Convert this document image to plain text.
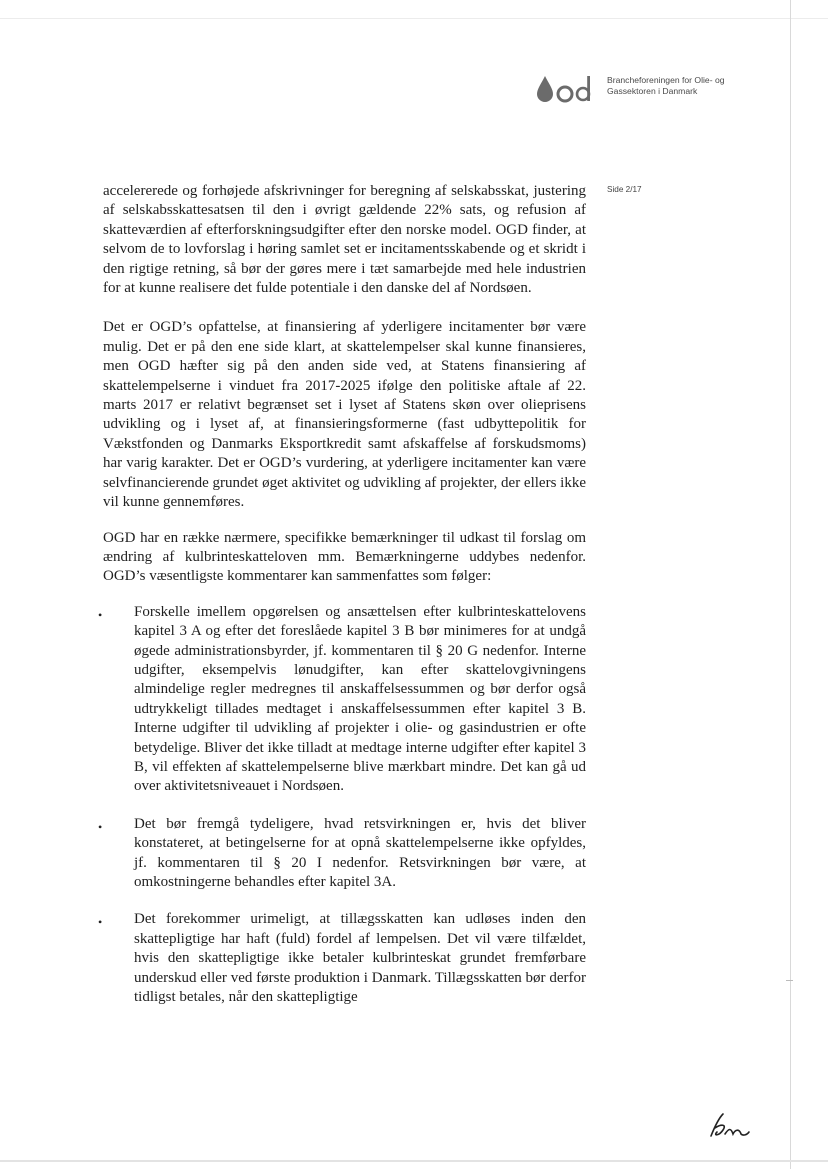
Brancheforeningen for Olie- og
Gassektoren i Danmark
Side 2/17

accelererede og forhøjede afskrivninger for beregning af selskabsskat, justering af selskabsskattesatsen til den i øvrigt gældende 22% sats, og refusion af skatteværdien af efterforskningsudgifter efter den norske model. OGD finder, at selvom de to lovforslag i høring samlet set er incitamentsskabende og et skridt i den rigtige retning, så bør der gøres mere i tæt samarbejde med hele industrien for at kunne realisere det fulde potentiale i den danske del af Nordsøen.

Det er OGD’s opfattelse, at finansiering af yderligere incitamenter bør være mulig. Det er på den ene side klart, at skattelempelser skal kunne finansieres, men OGD hæfter sig på den anden side ved, at Statens finansiering af skattelempelserne i vinduet fra 2017-2025 ifølge den politiske aftale af 22. marts 2017 er relativt begrænset set i lyset af Statens skøn over olieprisens udvikling og i lyset af, at finansieringsformerne (fast udbyttepolitik for Vækstfonden og Danmarks Eksportkredit samt afskaffelse af forskudsmoms) har varig karakter. Det er OGD’s vurdering, at yderligere incitamenter kan være selvfinancierende grundet øget aktivitet og udvikling af projekter, der ellers ikke vil kunne gennemføres.

OGD har en række nærmere, specifikke bemærkninger til udkast til forslag om ændring af kulbrinteskatteloven mm. Bemærkningerne uddybes nedenfor. OGD’s væsentligste kommentarer kan sammenfattes som følger:

• Forskelle imellem opgørelsen og ansættelsen efter kulbrinteskattelovens kapitel 3 A og efter det foreslåede kapitel 3 B bør minimeres for at undgå øgede administrationsbyrder, jf. kommentaren til § 20 G nedenfor. Interne udgifter, eksempelvis lønudgifter, kan efter skattelovgivningens almindelige regler medregnes til anskaffelsessummen og bør derfor også udtrykkeligt tillades medtaget i anskaffelsessummen efter kapitel 3 B. Interne udgifter til udvikling af projekter i olie- og gasindustrien er ofte betydelige. Bliver det ikke tilladt at medtage interne udgifter efter kapitel 3 B, vil effekten af skattelempelserne blive mærkbart mindre. Det kan gå ud over aktivitetsniveauet i Nordsøen.
• Det bør fremgå tydeligere, hvad retsvirkningen er, hvis det bliver konstateret, at betingelserne for at opnå skattelempelserne ikke opfyldes, jf. kommentaren til § 20 I nedenfor. Retsvirkningen bør være, at omkostningerne behandles efter kapitel 3A.
• Det forekommer urimeligt, at tillægsskatten kan udløses inden den skattepligtige har haft (fuld) fordel af lempelsen. Det vil være tilfældet, hvis den skattepligtige ikke betaler kulbrinteskat grundet fremførbare underskud eller ved første produktion i Danmark. Tillægsskatten bør derfor tidligst betales, når den skattepligtige
